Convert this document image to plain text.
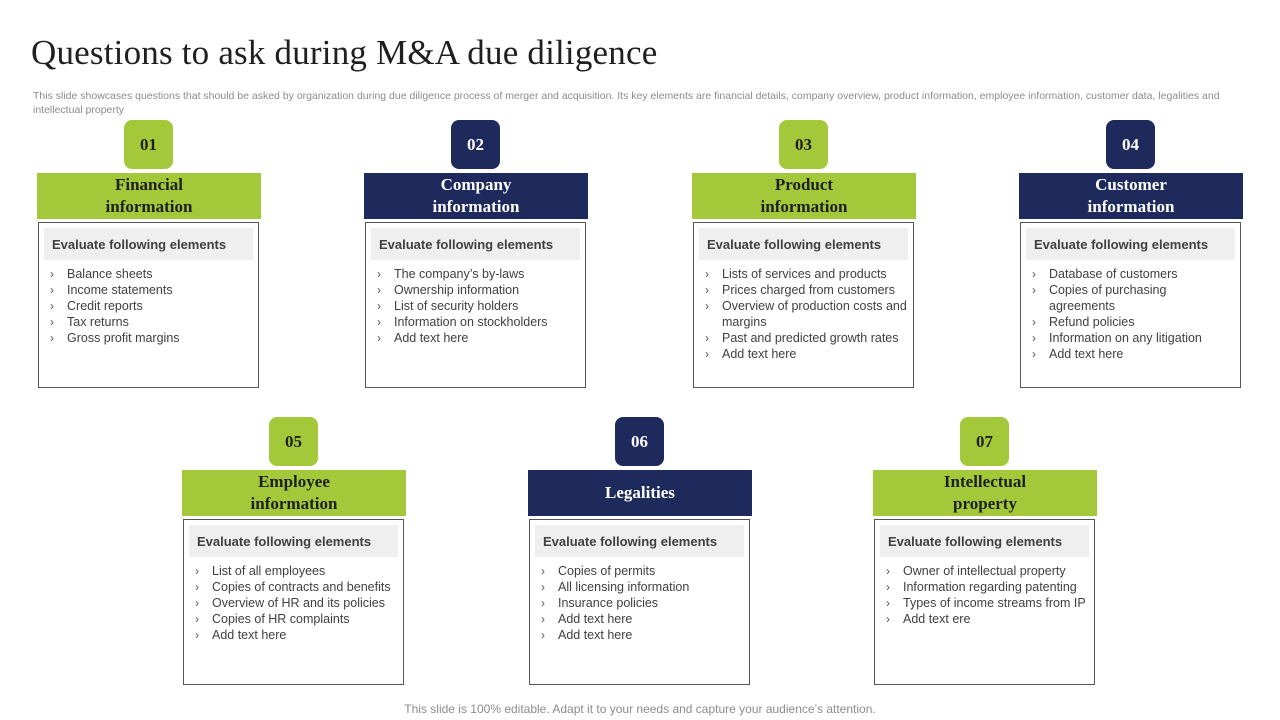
Questions to ask during M&A due diligence
This slide showcases questions that should be asked by organization during due diligence process of merger and acquisition. Its key elements are financial details, company overview, product information, employee information, customer data, legalities and intellectual property
01
Financial
information
Evaluate following elements
› Balance sheets
› Income statements
› Credit reports
› Tax returns
› Gross profit margins
02
Company
information
Evaluate following elements
› The company’s by-laws
› Ownership information
› List of security holders
› Information on stockholders
› Add text here
03
Product
information
Evaluate following elements
› Lists of services and products
› Prices charged from customers
› Overview of production costs and margins
› Past and predicted growth rates
› Add text here
04
Customer
information
Evaluate following elements
› Database of customers
› Copies of purchasing agreements
› Refund policies
› Information on any litigation
› Add text here
05
Employee
information
Evaluate following elements
› List of all employees
› Copies of contracts and benefits
› Overview of HR and its policies
› Copies of HR complaints
› Add text here
06
Legalities
Evaluate following elements
› Copies of permits
› All licensing information
› Insurance policies
› Add text here
› Add text here
07
Intellectual
property
Evaluate following elements
› Owner of intellectual property
› Information regarding patenting
› Types of income streams from IP
› Add text ere
This slide is 100% editable. Adapt it to your needs and capture your audience’s attention.
